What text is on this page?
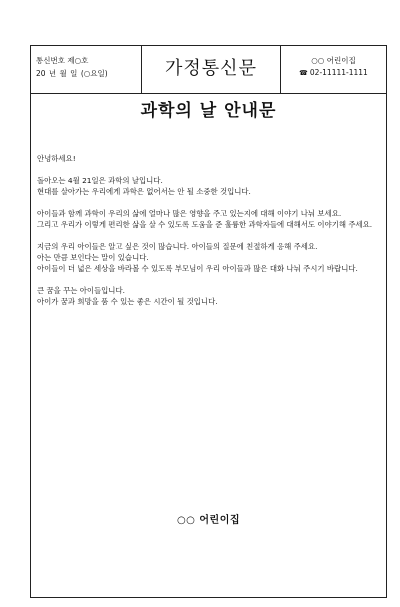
통신번호 제○호
20 년 월 일 (○요일)	가정통신문	○○ 어린이집
☎ 02-11111-1111
과학의 날 안내문

안녕하세요!

돌아오는 4월 21일은 과학의 날입니다.

현대를 살아가는 우리에게 과학은 없어서는 안 될 소중한 것입니다.

아이들과 함께 과학이 우리의 삶에 얼마나 많은 영향을 주고 있는지에 대해 이야기 나눠 보세요.

그리고 우리가 이렇게 편리한 삶을 살 수 있도록 도움을 준 훌륭한 과학자들에 대해서도 이야기해 주세요.

지금의 우리 아이들은 알고 싶은 것이 많습니다. 아이들의 질문에 친절하게 응해 주세요.

아는 만큼 보인다는 말이 있습니다.

아이들이 더 넓은 세상을 바라볼 수 있도록 부모님이 우리 아이들과 많은 대화 나눠 주시기 바랍니다.

큰 꿈을 꾸는 아이들입니다.

아이가 꿈과 희망을 품 수 있는 좋은 시간이 될 것입니다.

○○ 어린이집
